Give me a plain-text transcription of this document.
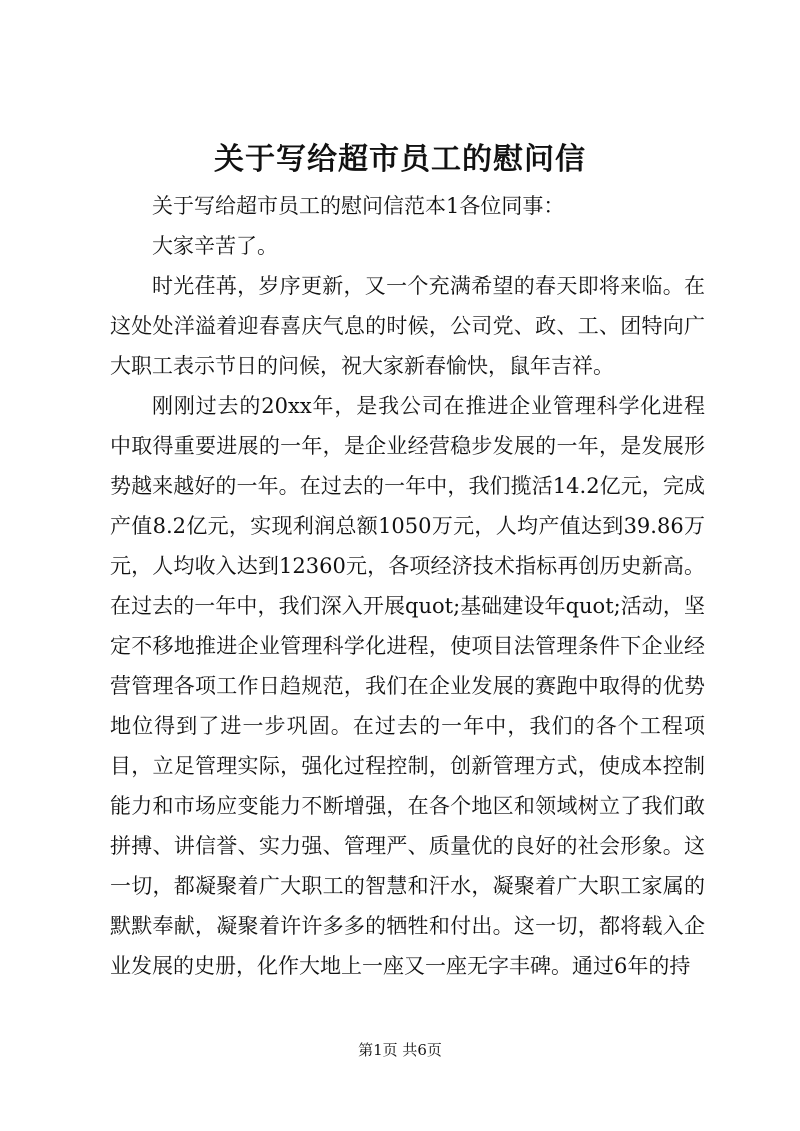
关于写给超市员工的慰问信

关于写给超市员工的慰问信范本1各位同事：

大家辛苦了。

时光荏苒，岁序更新，又一个充满希望的春天即将来临。在这处处洋溢着迎春喜庆气息的时候，公司党、政、工、团特向广大职工表示节日的问候，祝大家新春愉快，鼠年吉祥。

刚刚过去的20xx年，是我公司在推进企业管理科学化进程中取得重要进展的一年，是企业经营稳步发展的一年，是发展形势越来越好的一年。在过去的一年中，我们揽活14.2亿元，完成产值8.2亿元，实现利润总额1050万元，人均产值达到39.86万元，人均收入达到12360元，各项经济技术指标再创历史新高。在过去的一年中，我们深入开展quot;基础建设年quot;活动，坚定不移地推进企业管理科学化进程，使项目法管理条件下企业经营管理各项工作日趋规范，我们在企业发展的赛跑中取得的优势地位得到了进一步巩固。在过去的一年中，我们的各个工程项目，立足管理实际，强化过程控制，创新管理方式，使成本控制能力和市场应变能力不断增强，在各个地区和领域树立了我们敢拼搏、讲信誉、实力强、管理严、质量优的良好的社会形象。这一切，都凝聚着广大职工的智慧和汗水，凝聚着广大职工家属的默默奉献，凝聚着许许多多的牺牲和付出。这一切，都将载入企业发展的史册，化作大地上一座又一座无字丰碑。通过6年的持

第1页 共6页
